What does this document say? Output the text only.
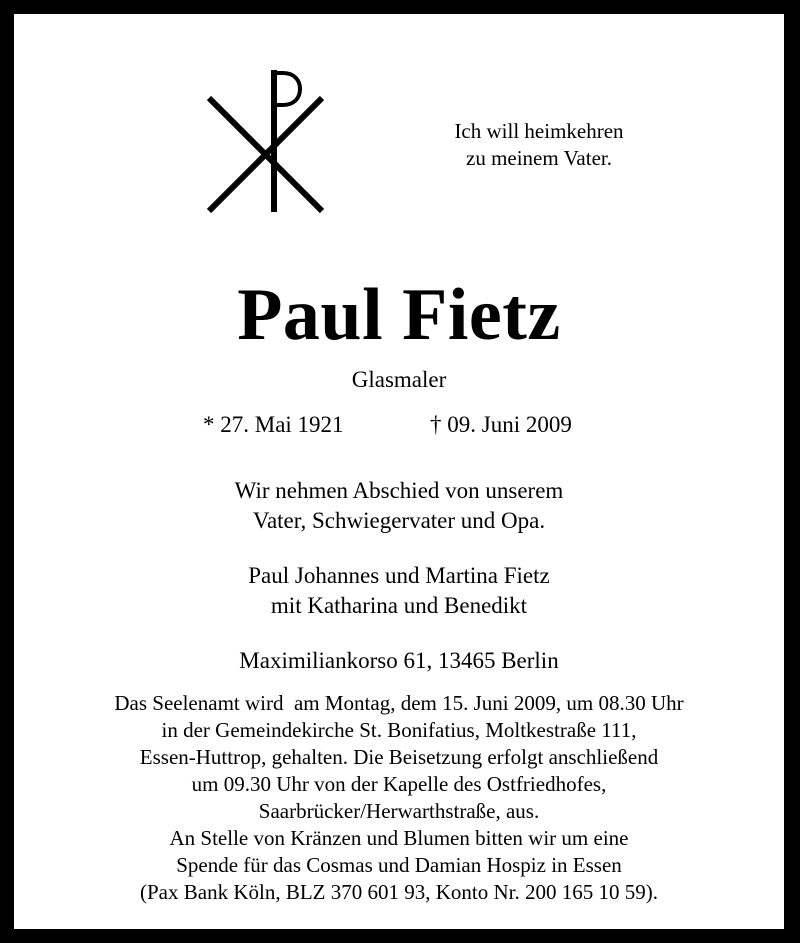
Ich will heimkehren
zu meinem Vater.
Paul Fietz
Glasmaler
* 27. Mai 1921	† 09. Juni 2009
Wir nehmen Abschied von unserem
Vater, Schwiegervater und Opa.
Paul Johannes und Martina Fietz
mit Katharina und Benedikt
Maximiliankorso 61, 13465 Berlin
Das Seelenamt wird  am Montag, dem 15. Juni 2009, um 08.30 Uhr
in der Gemeindekirche St. Bonifatius, Moltkestraße 111,
Essen-Huttrop, gehalten. Die Beisetzung erfolgt anschließend
um 09.30 Uhr von der Kapelle des Ostfriedhofes,
Saarbrücker/Herwarthstraße, aus.
An Stelle von Kränzen und Blumen bitten wir um eine
Spende für das Cosmas und Damian Hospiz in Essen
(Pax Bank Köln, BLZ 370 601 93, Konto Nr. 200 165 10 59).
